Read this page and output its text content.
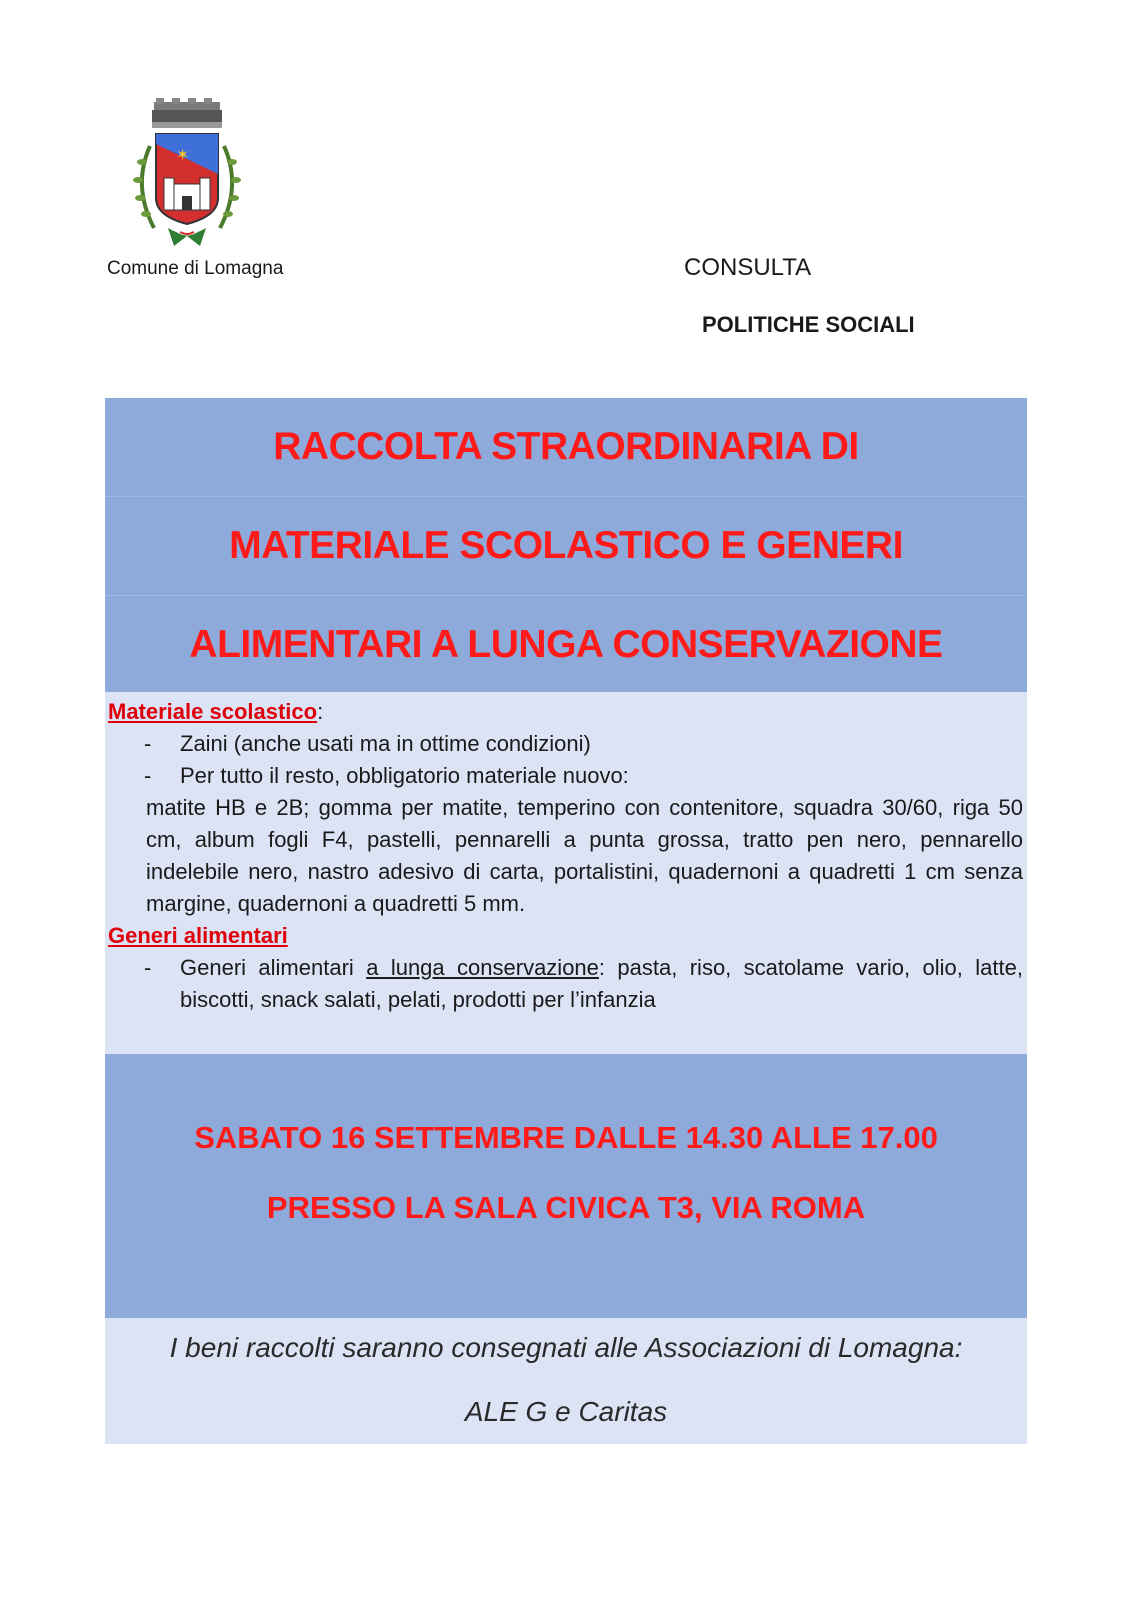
✶
Comune di Lomagna	CONSULTA
POLITICHE SOCIALI
RACCOLTA STRAORDINARIA DI
MATERIALE SCOLASTICO E GENERI
ALIMENTARI A LUNGA CONSERVAZIONE
Materiale scolastico:
- Zaini (anche usati ma in ottime condizioni)
- Per tutto il resto, obbligatorio materiale nuovo:
matite HB e 2B; gomma per matite, temperino con contenitore, squadra 30/60, riga 50 cm, album fogli F4, pastelli, pennarelli a punta grossa, tratto pen nero, pennarello indelebile nero, nastro adesivo di carta, portalistini, quadernoni a quadretti 1 cm senza margine, quadernoni a quadretti 5 mm.
Generi alimentari
- Generi alimentari a lunga conservazione: pasta, riso, scatolame vario, olio, latte, biscotti, snack salati, pelati, prodotti per l’infanzia
SABATO 16 SETTEMBRE DALLE 14.30 ALLE 17.00
PRESSO LA SALA CIVICA T3, VIA ROMA
I beni raccolti saranno consegnati alle Associazioni di Lomagna:
ALE G e Caritas
